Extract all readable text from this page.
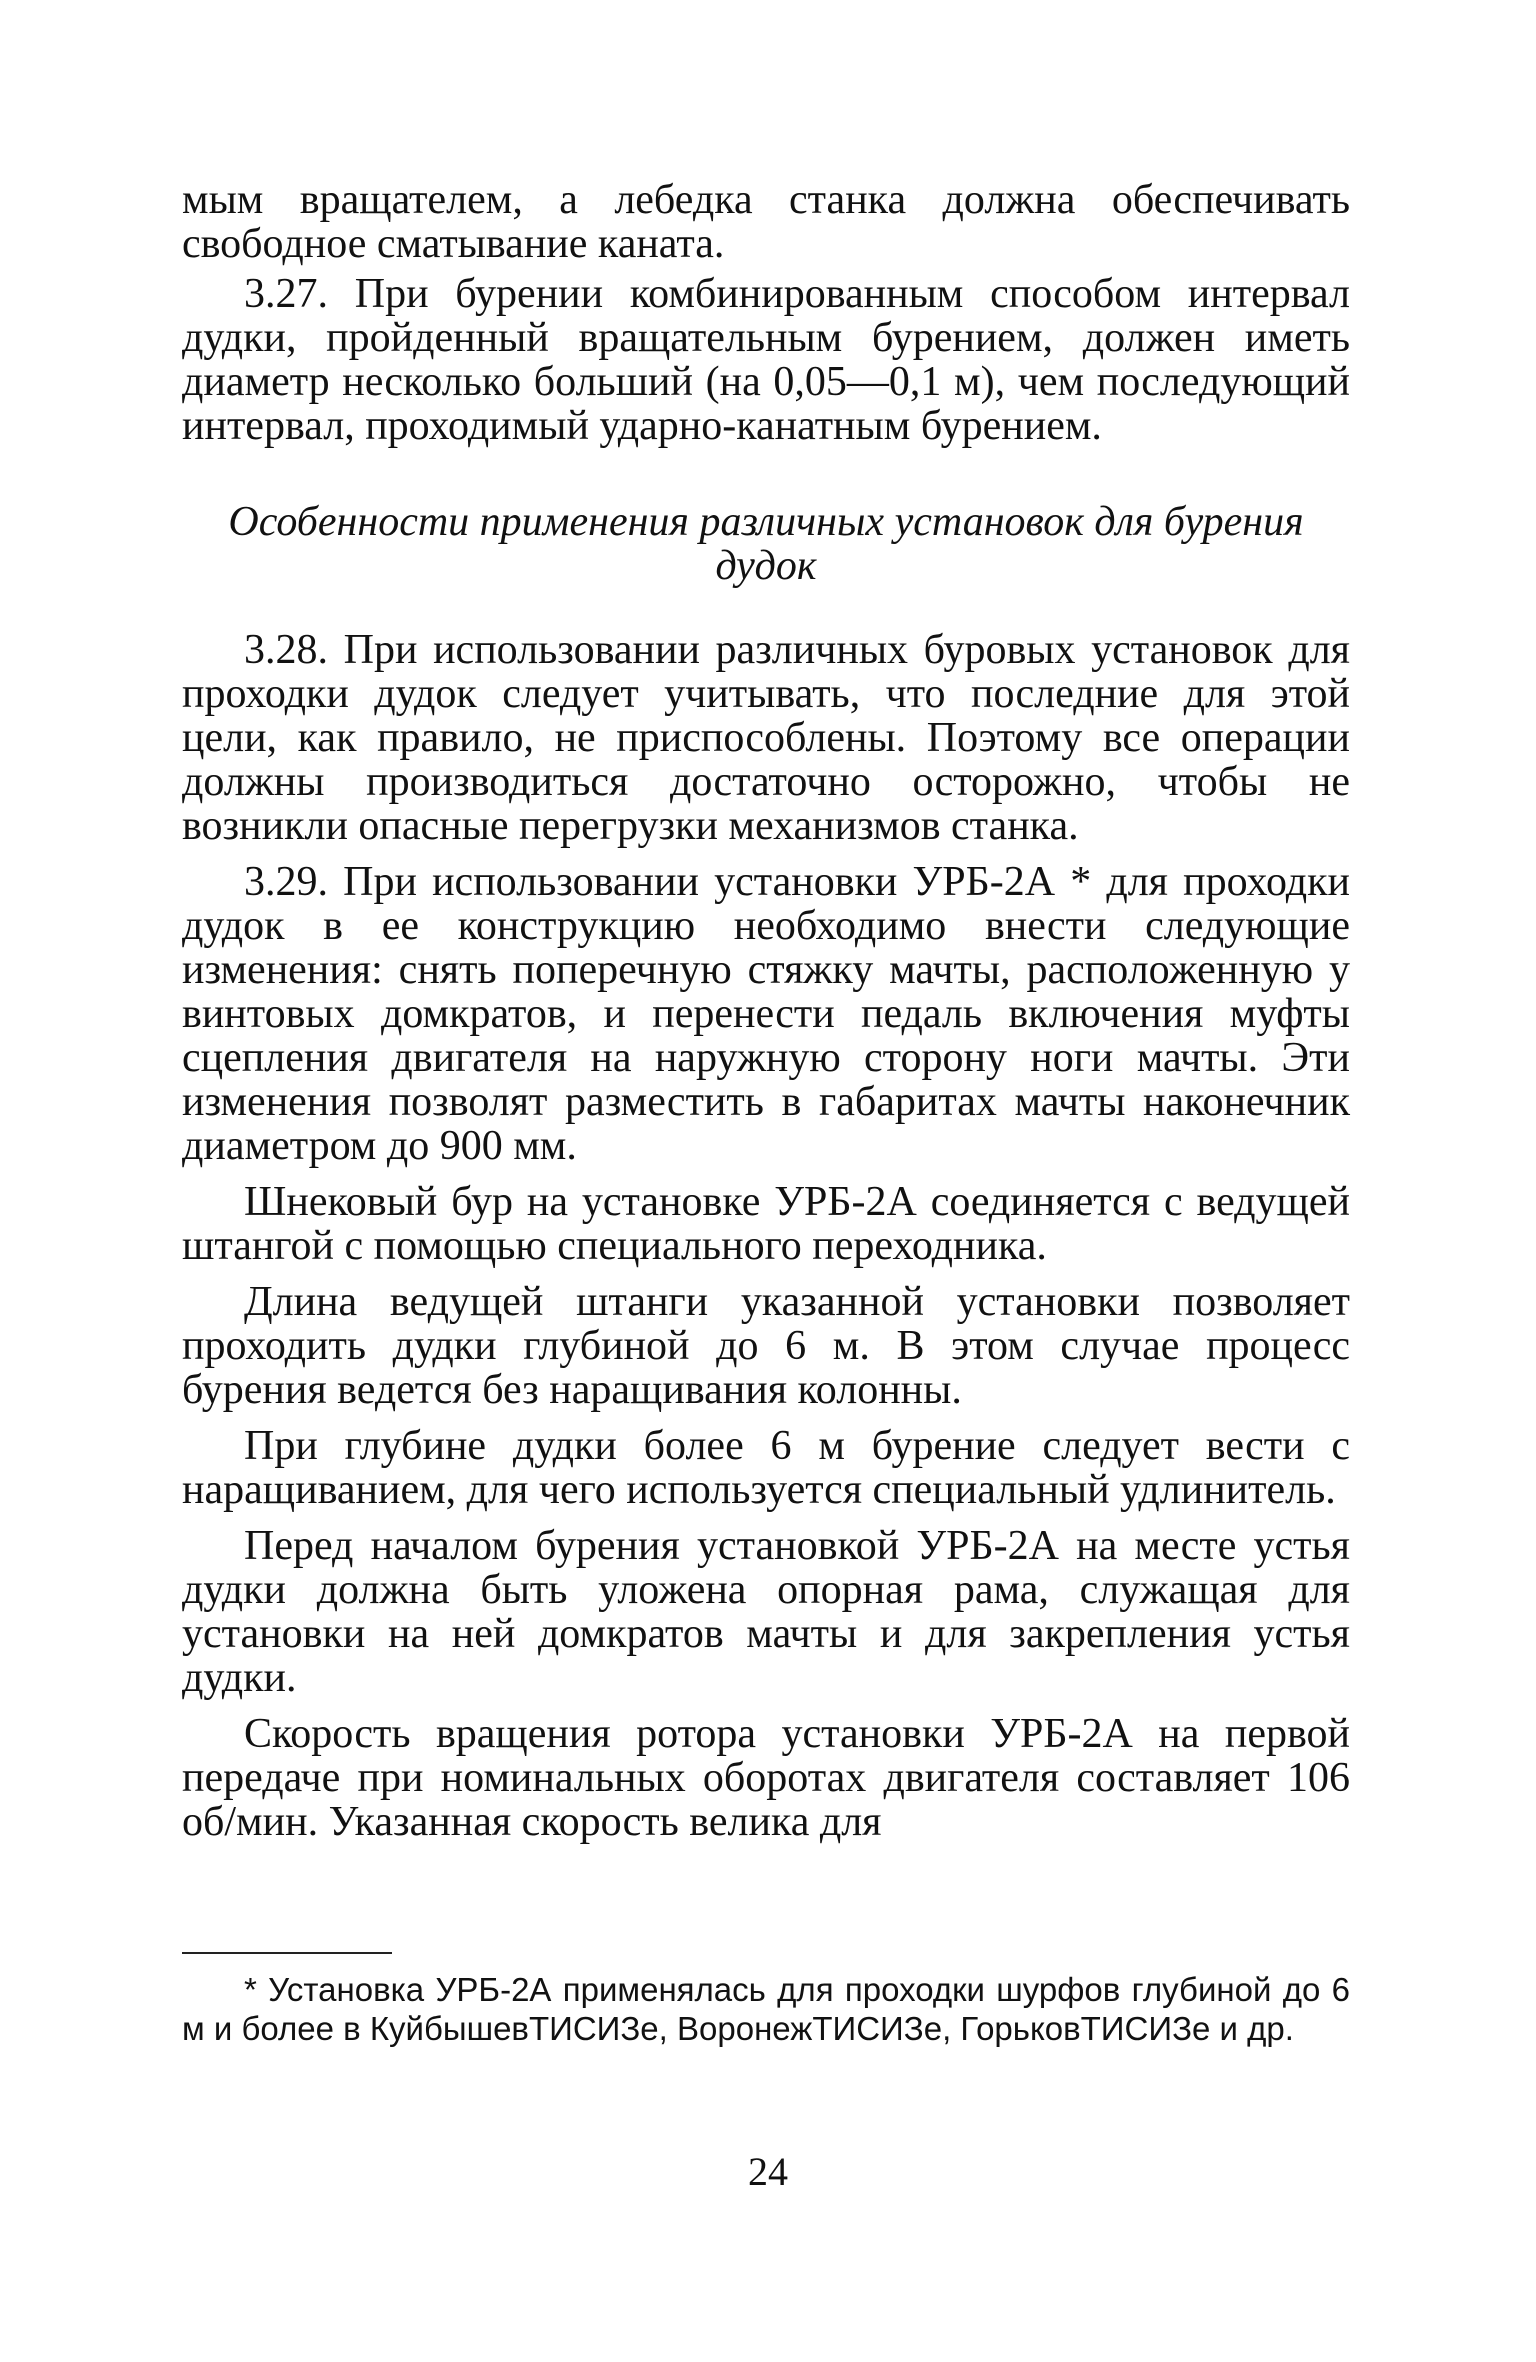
мым вращателем, а лебедка станка должна обеспечивать свободное сматывание каната.

3.27. При бурении комбинированным способом интервал дудки, пройденный вращательным бурением, должен иметь диаметр несколько больший (на 0,05—0,1 м), чем последующий интервал, проходимый ударно-канатным бурением.

Особенности применения различных установок для бурения дудок

3.28. При использовании различных буровых установок для проходки дудок следует учитывать, что последние для этой цели, как правило, не приспособлены. Поэтому все операции должны производиться достаточно осторожно, чтобы не возникли опасные перегрузки механизмов станка.

3.29. При использовании установки УРБ-2А * для проходки дудок в ее конструкцию необходимо внести следующие изменения: снять поперечную стяжку мачты, расположенную у винтовых домкратов, и перенести педаль включения муфты сцепления двигателя на наружную сторону ноги мачты. Эти изменения позволят разместить в габаритах мачты наконечник диаметром до 900 мм.

Шнековый бур на установке УРБ-2А соединяется с ведущей штангой с помощью специального переходника.

Длина ведущей штанги указанной установки позволяет проходить дудки глубиной до 6 м. В этом случае процесс бурения ведется без наращивания колонны.

При глубине дудки более 6 м бурение следует вести с наращиванием, для чего используется специальный удлинитель.

Перед началом бурения установкой УРБ-2А на месте устья дудки должна быть уложена опорная рама, служащая для установки на ней домкратов мачты и для закрепления устья дудки.

Скорость вращения ротора установки УРБ-2А на первой передаче при номинальных оборотах двигателя составляет 106 об/мин. Указанная скорость велика для

* Установка УРБ-2А применялась для проходки шурфов глубиной до 6 м и более в КуйбышевТИСИЗе, ВоронежТИСИЗе, ГорьковТИСИЗе и др.

24
